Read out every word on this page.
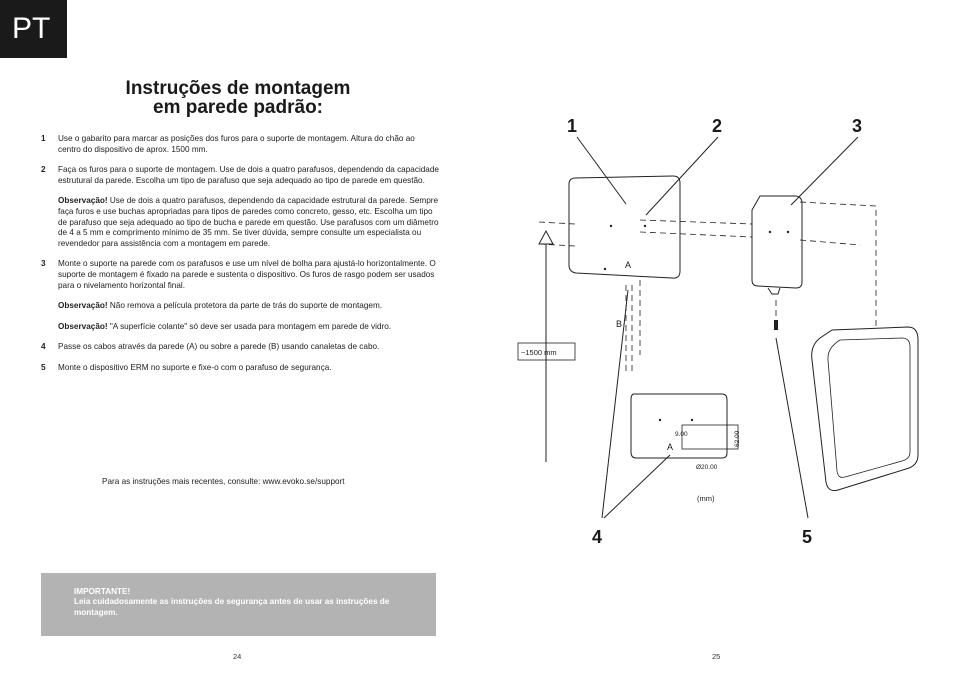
PT
Instruções de montagem
em parede padrão:
1 Use o gabarito para marcar as posições dos furos para o suporte de montagem. Altura do chão ao centro do dispositivo de aprox. 1500 mm.

2 Faça os furos para o suporte de montagem. Use de dois a quatro parafusos, dependendo da capacidade estrutural da parede. Escolha um tipo de parafuso que seja adequado ao tipo de parede em questão.

Observação! Use de dois a quatro parafusos, dependendo da capacidade estrutural da parede. Sempre faça furos e use buchas apropriadas para tipos de paredes como concreto, gesso, etc. Escolha um tipo de parafuso que seja adequado ao tipo de bucha e parede em questão. Use parafusos com um diâmetro de 4 a 5 mm e comprimento mínimo de 35 mm. Se tiver dúvida, sempre consulte um especialista ou revendedor para assistência com a montagem em parede.

3 Monte o suporte na parede com os parafusos e use um nível de bolha para ajustá-lo horizontalmente. O suporte de montagem é fixado na parede e sustenta o dispositivo. Os furos de rasgo podem ser usados para o nivelamento horizontal final.

Observação! Não remova a película protetora da parte de trás do suporte de montagem.

Observação! "A superfície colante" só deve ser usada para montagem em parede de vidro.

4 Passe os cabos através da parede (A) ou sobre a parede (B) usando canaletas de cabo.

5 Monte o dispositivo ERM no suporte e fixe-o com o parafuso de segurança.

Para as instruções mais recentes, consulte: www.evoko.se/support
IMPORTANTE!
Leia cuidadosamente as instruções de segurança antes de usar as instruções de montagem.
24	25
1	2	3
4	5
~1500 mm
A
B
A
9.00	62.00
Ø20.00
(mm)
